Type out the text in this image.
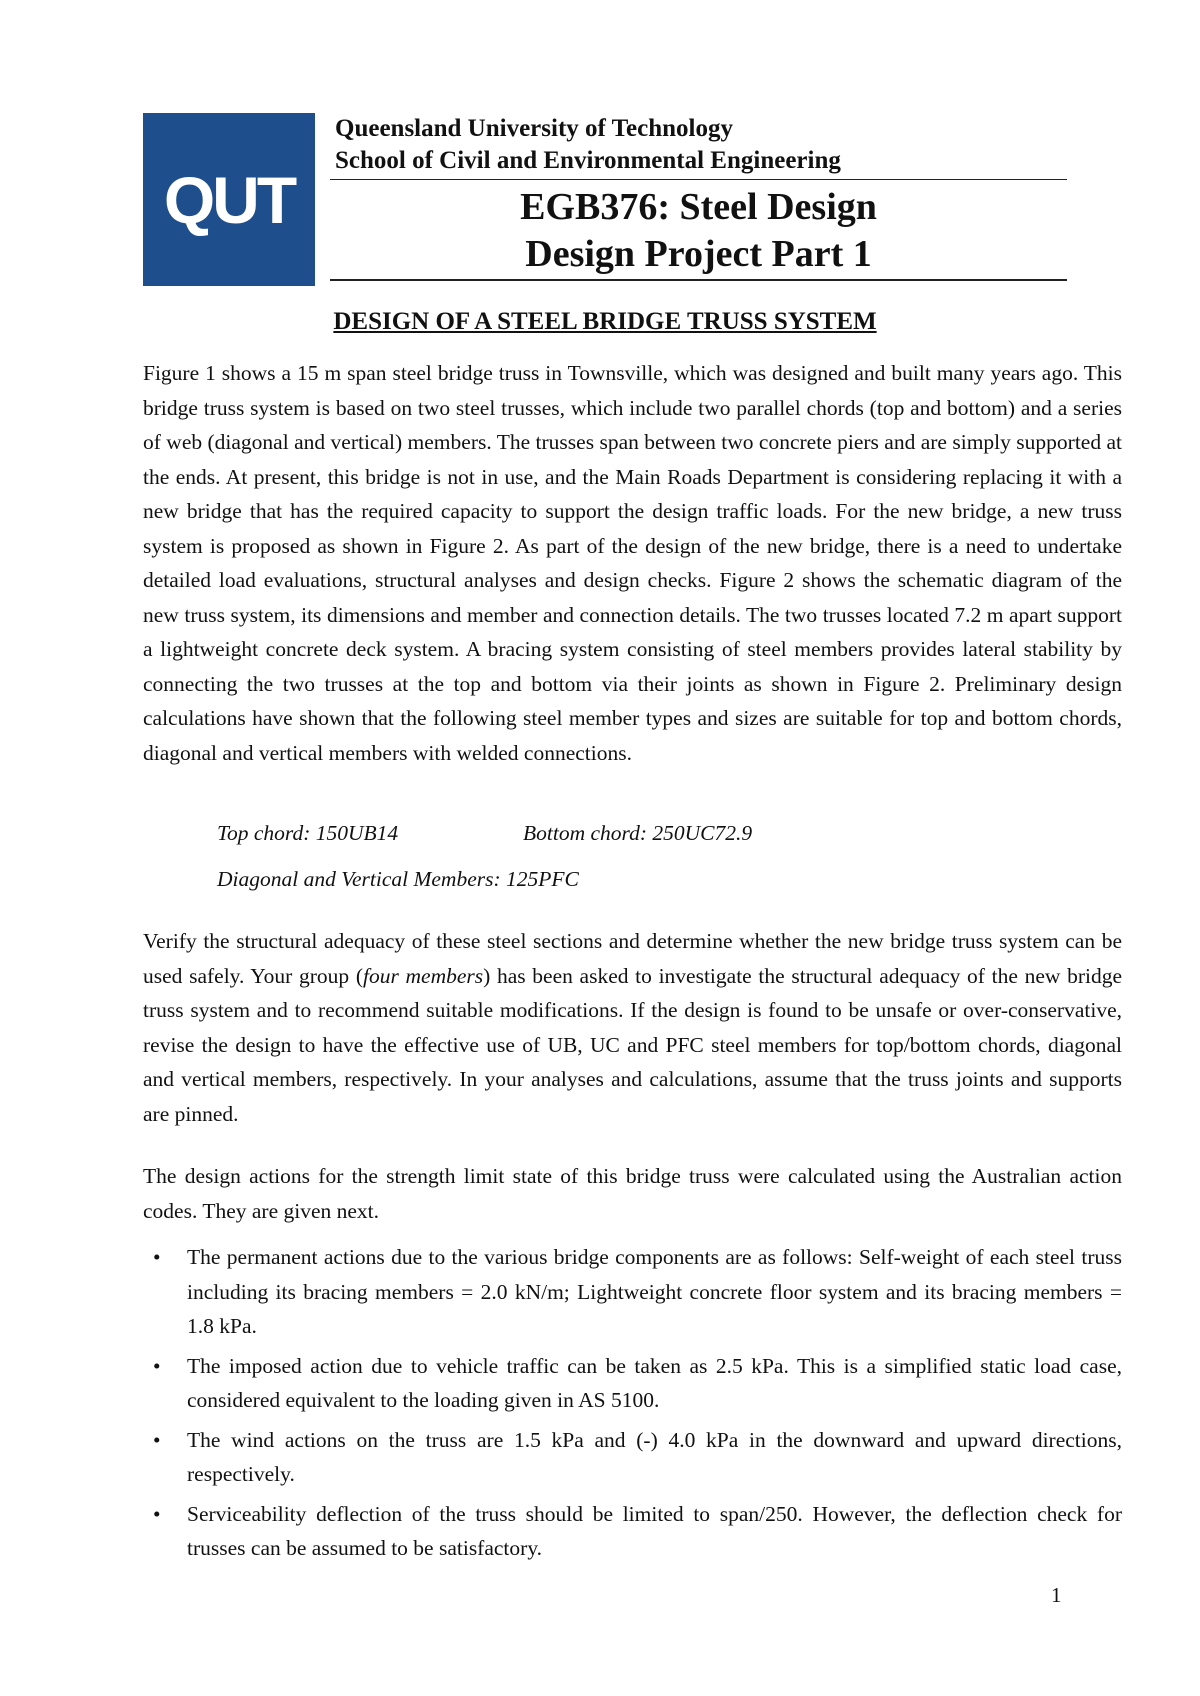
QUT
Queensland University of Technology
School of Civil and Environmental Engineering
EGB376: Steel Design
Design Project Part 1
DESIGN OF A STEEL BRIDGE TRUSS SYSTEM

Figure 1 shows a 15 m span steel bridge truss in Townsville, which was designed and built many years ago. This bridge truss system is based on two steel trusses, which include two parallel chords (top and bottom) and a series of web (diagonal and vertical) members. The trusses span between two concrete piers and are simply supported at the ends. At present, this bridge is not in use, and the Main Roads Department is considering replacing it with a new bridge that has the required capacity to support the design traffic loads. For the new bridge, a new truss system is proposed as shown in Figure 2. As part of the design of the new bridge, there is a need to undertake detailed load evaluations, structural analyses and design checks. Figure 2 shows the schematic diagram of the new truss system, its dimensions and member and connection details. The two trusses located 7.2 m apart support a lightweight concrete deck system. A bracing system consisting of steel members provides lateral stability by connecting the two trusses at the top and bottom via their joints as shown in Figure 2. Preliminary design calculations have shown that the following steel member types and sizes are suitable for top and bottom chords, diagonal and vertical members with welded connections.

Top chord: 150UB14	Bottom chord: 250UC72.9
Diagonal and Vertical Members: 125PFC

Verify the structural adequacy of these steel sections and determine whether the new bridge truss system can be used safely. Your group (four members) has been asked to investigate the structural adequacy of the new bridge truss system and to recommend suitable modifications. If the design is found to be unsafe or over-conservative, revise the design to have the effective use of UB, UC and PFC steel members for top/bottom chords, diagonal and vertical members, respectively. In your analyses and calculations, assume that the truss joints and supports are pinned.

The design actions for the strength limit state of this bridge truss were calculated using the Australian action codes. They are given next.

• The permanent actions due to the various bridge components are as follows: Self-weight of each steel truss including its bracing members = 2.0 kN/m; Lightweight concrete floor system and its bracing members = 1.8 kPa.
• The imposed action due to vehicle traffic can be taken as 2.5 kPa. This is a simplified static load case, considered equivalent to the loading given in AS 5100.
• The wind actions on the truss are 1.5 kPa and (-) 4.0 kPa in the downward and upward directions, respectively.
• Serviceability deflection of the truss should be limited to span/250. However, the deflection check for trusses can be assumed to be satisfactory.
1
